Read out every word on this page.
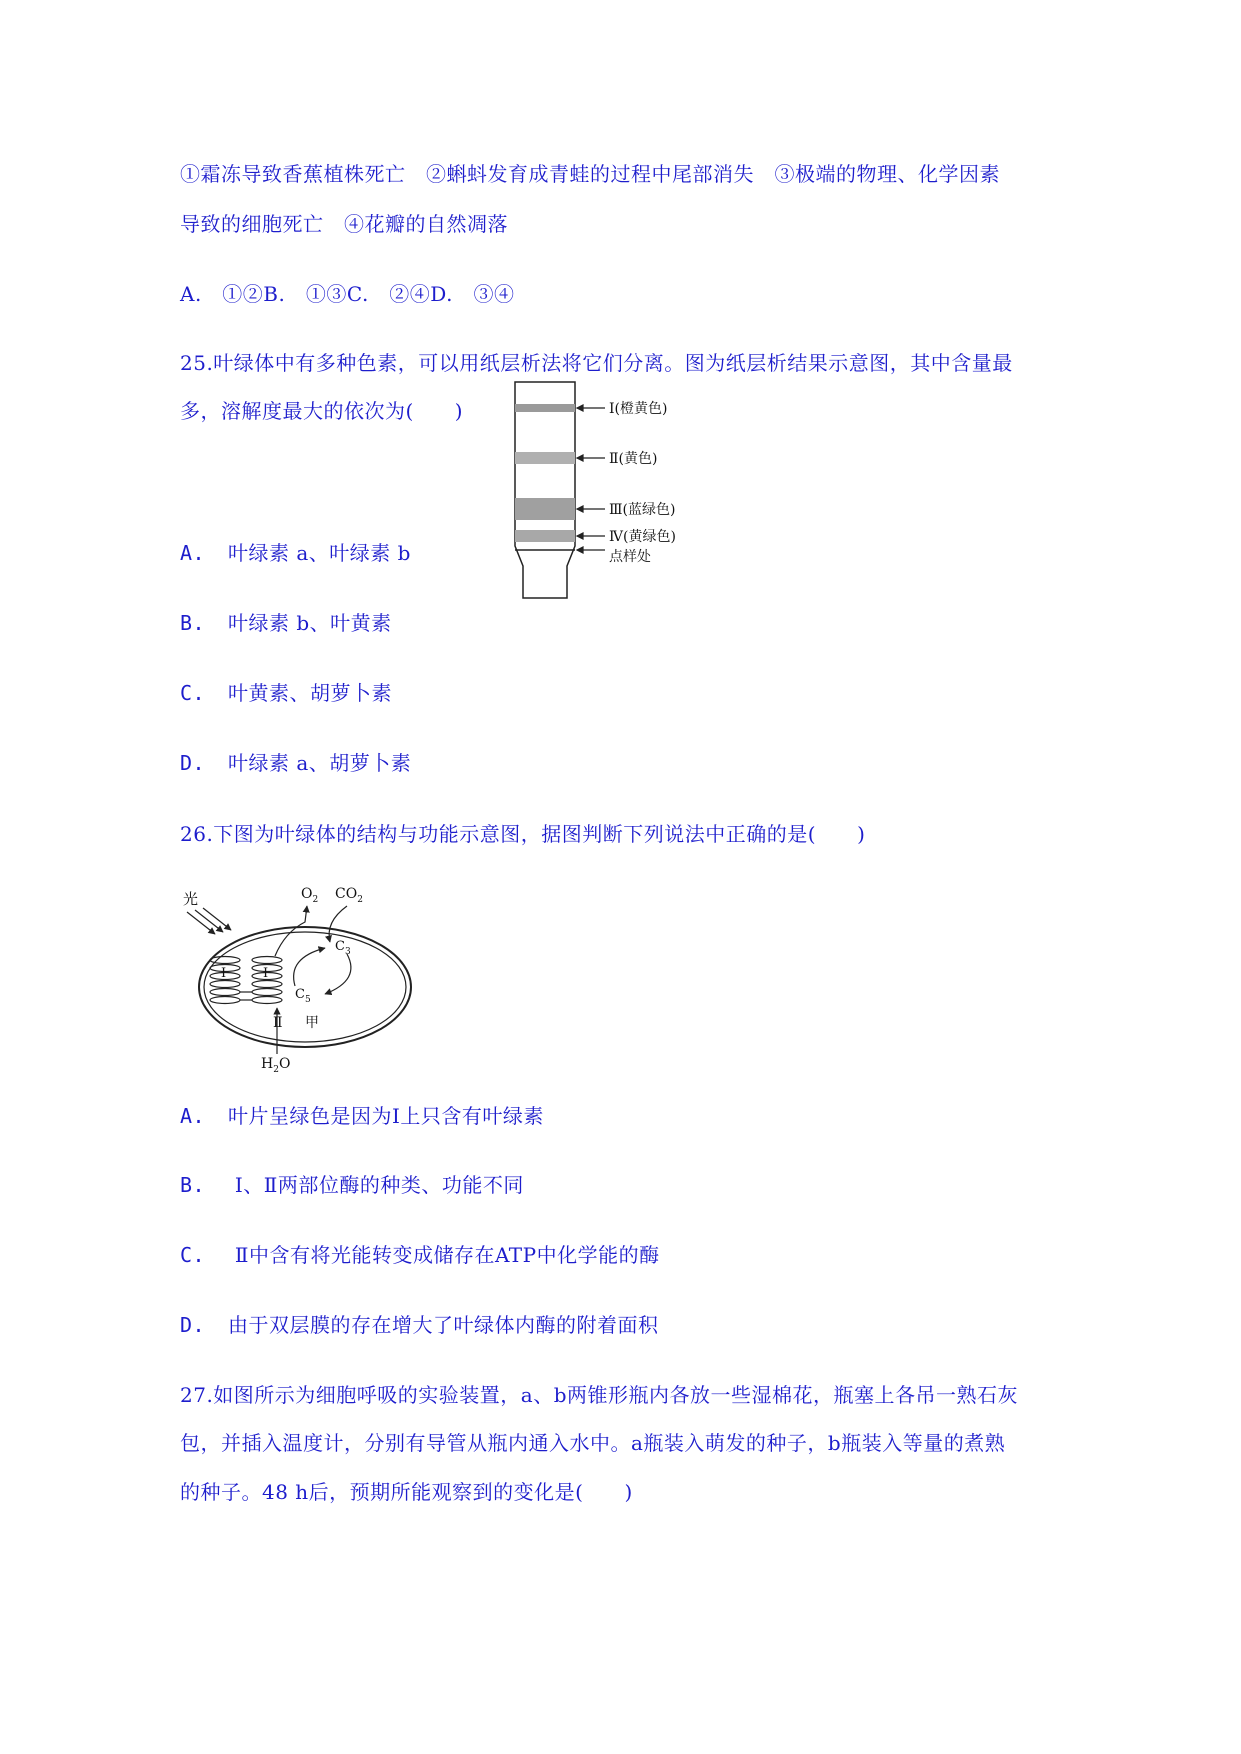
①霜冻导致香蕉植株死亡　②蝌蚪发育成青蛙的过程中尾部消失　③极端的物理、化学因素
导致的细胞死亡　④花瓣的自然凋落
A.　①②B.　①③C.　②④D.　③④
25.叶绿体中有多种色素，可以用纸层析法将它们分离。图为纸层析结果示意图，其中含量最
多，溶解度最大的依次为(　　)	Ⅰ(橙黄色)
Ⅱ(黄色)
Ⅲ(蓝绿色)
Ⅳ(黄绿色)
点样处
A. 叶绿素 a、叶绿素 b
B. 叶绿素 b、叶黄素
C. 叶黄素、胡萝卜素
D. 叶绿素 a、胡萝卜素
26.下图为叶绿体的结构与功能示意图，据图判断下列说法中正确的是(　　)
光
Ⅰ	Ⅰ
$O_2$ $CO_2$
$C_3$
$C_5$
Ⅱ 甲
$H_2O$
A. 叶片呈绿色是因为Ⅰ上只含有叶绿素
B. Ⅰ、Ⅱ两部位酶的种类、功能不同
C. Ⅱ中含有将光能转变成储存在ATP中化学能的酶
D. 由于双层膜的存在增大了叶绿体内酶的附着面积
27.如图所示为细胞呼吸的实验装置，a、b两锥形瓶内各放一些湿棉花，瓶塞上各吊一熟石灰
包，并插入温度计，分别有导管从瓶内通入水中。a瓶装入萌发的种子，b瓶装入等量的煮熟
的种子。48 h后，预期所能观察到的变化是(　　)
